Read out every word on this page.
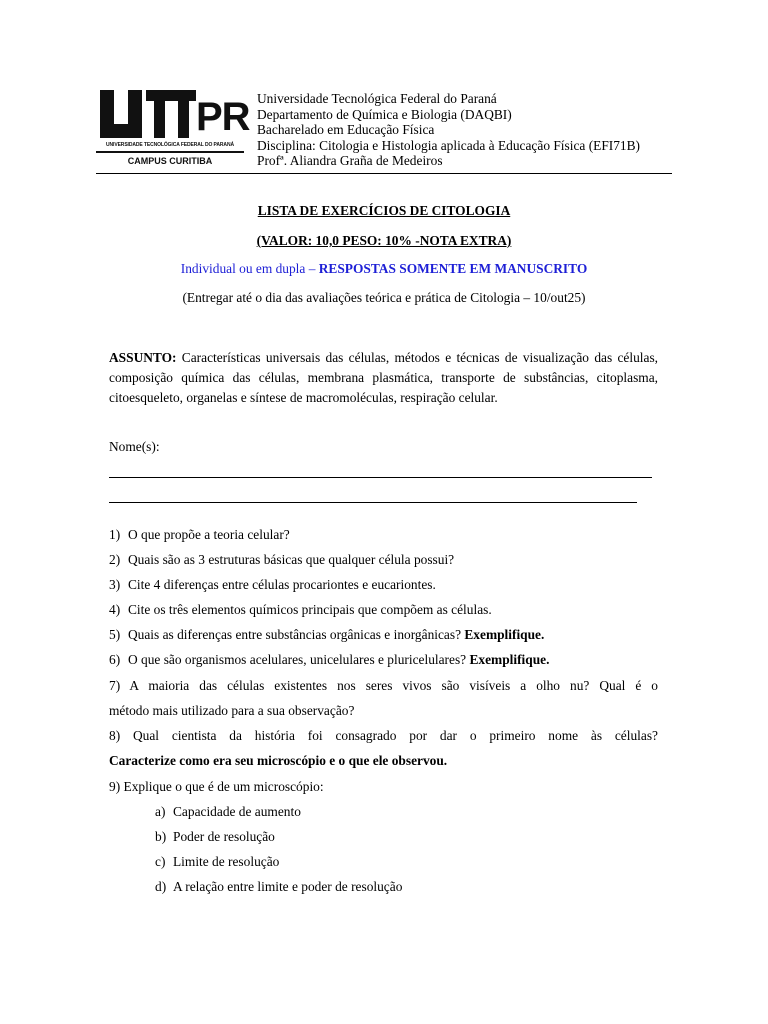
PR
UNIVERSIDADE TECNOLÓGICA FEDERAL DO PARANÁ
CAMPUS CURITIBA
Universidade Tecnológica Federal do Paraná
Departamento de Química e Biologia (DAQBI)
Bacharelado em Educação Física
Disciplina: Citologia e Histologia aplicada à Educação Física (EFI71B)
Profª. Aliandra Graña de Medeiros
LISTA DE EXERCÍCIOS DE CITOLOGIA
(VALOR: 10,0 PESO: 10% -NOTA EXTRA)
Individual ou em dupla – RESPOSTAS SOMENTE EM MANUSCRITO
(Entregar até o dia das avaliações teórica e prática de Citologia – 10/out25)
ASSUNTO: Características universais das células, métodos e técnicas de visualização das células, composição química das células, membrana plasmática, transporte de substâncias, citoplasma, citoesqueleto, organelas e síntese de macromoléculas, respiração celular.
Nome(s):
1) O que propõe a teoria celular?
2) Quais são as 3 estruturas básicas que qualquer célula possui?
3) Cite 4 diferenças entre células procariontes e eucariontes.
4) Cite os três elementos químicos principais que compõem as células.
5) Quais as diferenças entre substâncias orgânicas e inorgânicas? Exemplifique.
6) O que são organismos acelulares, unicelulares e pluricelulares? Exemplifique.
7) A maioria das células existentes nos seres vivos são visíveis a olho nu? Qual é o
método mais utilizado para a sua observação?
8) Qual cientista da história foi consagrado por dar o primeiro nome às células?
Caracterize como era seu microscópio e o que ele observou.
9) Explique o que é de um microscópio:
a) Capacidade de aumento
b) Poder de resolução
c) Limite de resolução
d) A relação entre limite e poder de resolução
